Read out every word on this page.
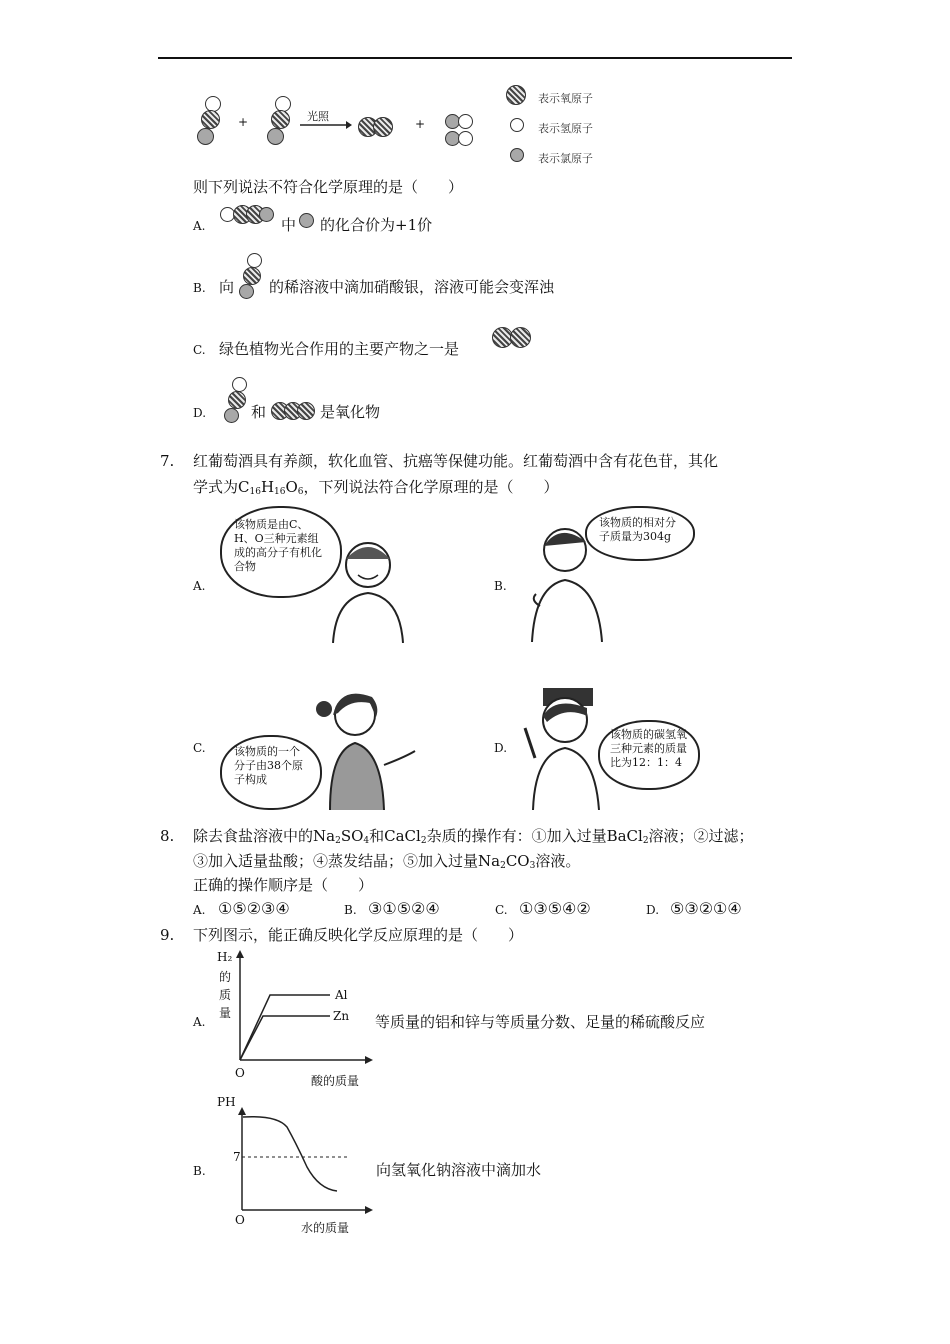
+	光照
+
表示氧原子
表示氢原子
表示氯原子
则下列说法不符合化学原理的是（　　）
A.	中 的化合价为+1价
B. 向 的稀溶液中滴加硝酸银，溶液可能会变浑浊
C. 绿色植物光合作用的主要产物之一是
D.	和	是氧化物
7. 红葡萄酒具有养颜，软化血管、抗癌等保健功能。红葡萄酒中含有花色苷，其化
学式为$C_{16}H_{16}O_6$，下列说法符合化学原理的是（　　）
A.
该物质是由C、H、O三种元素组成的高分子有机化合物
B.
该物质的相对分子质量为304g
C.	该物质的一个分子由38个原子构成
D.
该物质的碳氢氧三种元素的质量比为12：1：4
8. 除去食盐溶液中的$Na_2SO_4$和CaCl$_2$杂质的操作有：①加入过量BaCl$_2$溶液；②过滤；
③加入适量盐酸；④蒸发结晶；⑤加入过量$Na_2CO_3$溶液。
正确的操作顺序是（　　）
A. ①⑤②③④	B. ③①⑤②④	C. ①③⑤④②	D. ⑤③②①④
9. 下列图示，能正确反映化学反应原理的是（　　）
A.
H₂
的
质
量
Al
Zn
O
酸的质量
等质量的铝和锌与等质量分数、足量的稀硫酸反应
B.
PH
7
O
水的质量
向氢氧化钠溶液中滴加水
